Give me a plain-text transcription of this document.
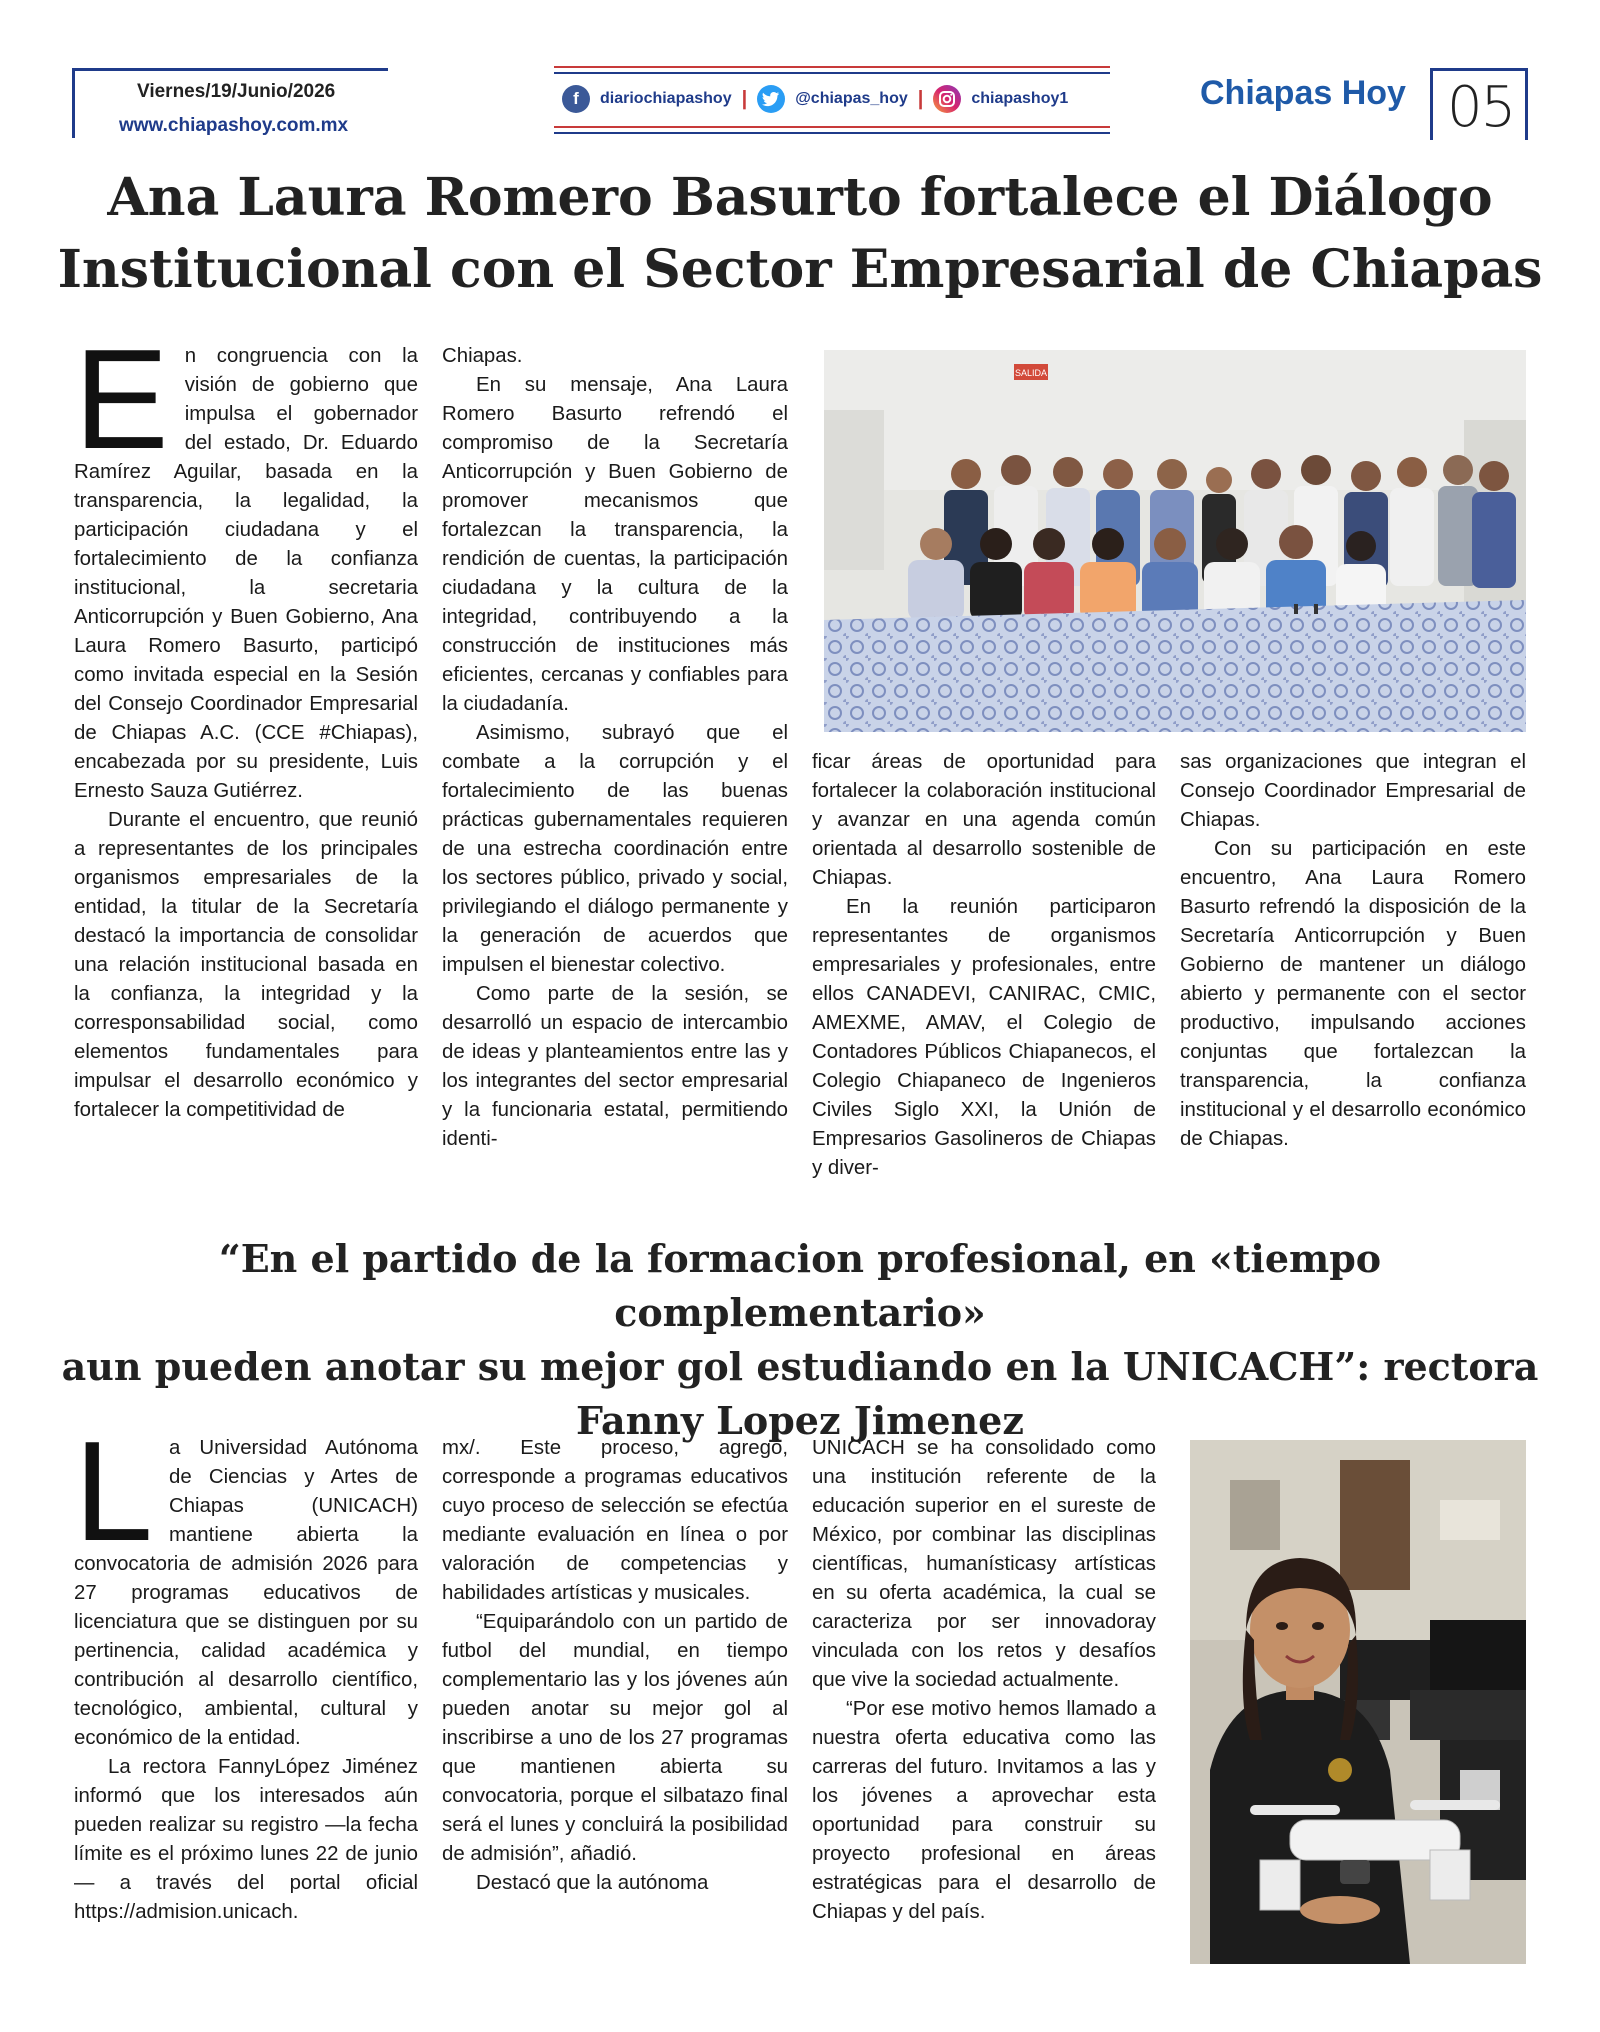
Viernes/19/Junio/2026
www.chiapashoy.com.mx
f	diariochiapashoy |	@chiapas_hoy |	chiapashoy1	Chiapas Hoy 05
Ana Laura Romero Basurto fortalece el Diálogo
Institucional con el Sector Empresarial de Chiapas
E n congruencia con la visión de gobierno que impulsa el gobernador del estado, Dr. Eduardo Ramírez Aguilar, basada en la transparencia, la legalidad, la participación ciudadana y el fortalecimiento de la confianza institucional, la secretaria Anticorrupción y Buen Gobierno, Ana Laura Romero Basurto, participó como invitada especial en la Sesión del Consejo Coordinador Empresarial de Chiapas A.C. (CCE #Chiapas), encabezada por su presidente, Luis Ernesto Sauza Gutiérrez.

Durante el encuentro, que reunió a representantes de los principales organismos empresariales de la entidad, la titular de la Secretaría destacó la importancia de consolidar una relación institucional basada en la confianza, la integridad y la corresponsabilidad social, como elementos fundamentales para impulsar el desarrollo económico y fortalecer la competitividad de

Chiapas.

En su mensaje, Ana Laura Romero Basurto refrendó el compromiso de la Secretaría Anticorrupción y Buen Gobierno de promover mecanismos que fortalezcan la transparencia, la rendición de cuentas, la participación ciudadana y la cultura de la integridad, contribuyendo a la construcción de instituciones más eficientes, cercanas y confiables para la ciudadanía.

Asimismo, subrayó que el combate a la corrupción y el fortalecimiento de las buenas prácticas gubernamentales requieren de una estrecha coordinación entre los sectores público, privado y social, privilegiando el diálogo permanente y la generación de acuerdos que impulsen el bienestar colectivo.

Como parte de la sesión, se desarrolló un espacio de intercambio de ideas y planteamientos entre las y los integrantes del sector empresarial y la funcionaria estatal, permitiendo identi-

ficar áreas de oportunidad para fortalecer la colaboración institucional y avanzar en una agenda común orientada al desarrollo sostenible de Chiapas.

En la reunión participaron representantes de organismos empresariales y profesionales, entre ellos CANADEVI, CANIRAC, CMIC, AMEXME, AMAV, el Colegio de Contadores Públicos Chiapanecos, el Colegio Chiapaneco de Ingenieros Civiles Siglo XXI, la Unión de Empresarios Gasolineros de Chiapas y diver-

sas organizaciones que integran el Consejo Coordinador Empresarial de Chiapas.

Con su participación en este encuentro, Ana Laura Romero Basurto refrendó la disposición de la Secretaría Anticorrupción y Buen Gobierno de mantener un diálogo abierto y permanente con el sector productivo, impulsando acciones conjuntas que fortalezcan la transparencia, la confianza institucional y el desarrollo económico de Chiapas.

SALIDA
“En el partido de la formacion profesional, en «tiempo complementario»
aun pueden anotar su mejor gol estudiando en la UNICACH”: rectora
Fanny Lopez Jimenez
L a Universidad Autónoma de Ciencias y Artes de Chiapas (UNICACH) mantiene abierta la convocatoria de admisión 2026 para 27 programas educativos de licenciatura que se distinguen por su pertinencia, calidad académica y contribución al desarrollo científico, tecnológico, ambiental, cultural y económico de la entidad.

La rectora FannyLópez Jiménez informó que los interesados aún pueden realizar su registro —la fecha límite es el próximo lunes 22 de junio— a través del portal oficial https://admision.unicach.

mx/. Este proceso, agregó, corresponde a programas educativos cuyo proceso de selección se efectúa mediante evaluación en línea o por valoración de competencias y habilidades artísticas y musicales.

“Equiparándolo con un partido de futbol del mundial, en tiempo complementario las y los jóvenes aún pueden anotar su mejor gol al inscribirse a uno de los 27 programas que mantienen abierta su convocatoria, porque el silbatazo final será el lunes y concluirá la posibilidad de admisión”, añadió.

Destacó que la autónoma

UNICACH se ha consolidado como una institución referente de la educación superior en el sureste de México, por combinar las disciplinas científicas, humanísticasy artísticas en su oferta académica, la cual se caracteriza por ser innovadoray vinculada con los retos y desafíos que vive la sociedad actualmente.

“Por ese motivo hemos llamado a nuestra oferta educativa como las carreras del futuro. Invitamos a las y los jóvenes a aprovechar esta oportunidad para construir su proyecto profesional en áreas estratégicas para el desarrollo de Chiapas y del país.
